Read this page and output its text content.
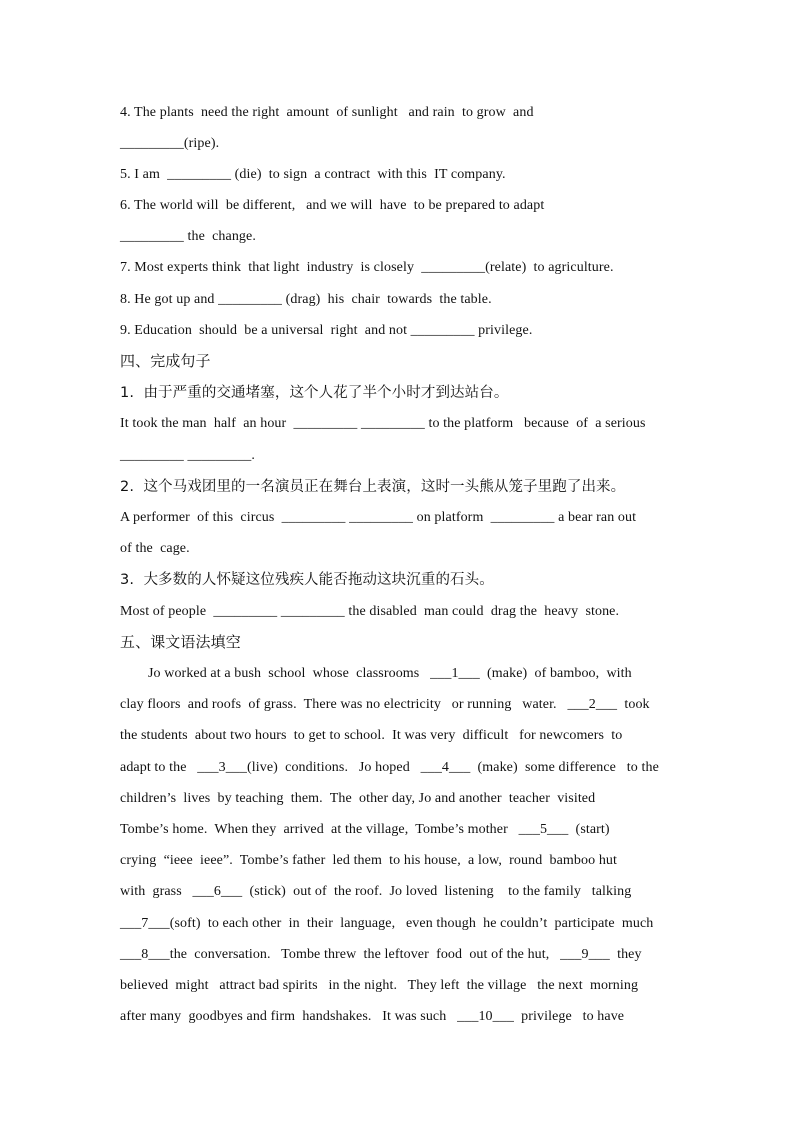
4. The plants  need the right  amount  of sunlight   and rain  to grow  and
_________(ripe).
5. I am  _________ (die)  to sign  a contract  with this  IT company.
6. The world will  be different,   and we will  have  to be prepared to adapt
_________ the  change.
7. Most experts think  that light  industry  is closely  _________(relate)  to agriculture.
8. He got up and _________ (drag)  his  chair  towards  the table.
9. Education  should  be a universal  right  and not _________ privilege.
四、完成句子
1.  由于严重的交通堵塞，这个人花了半个小时才到达站台。
It took the man  half  an hour  _________ _________ to the platform   because  of  a serious
_________ _________.
2.  这个马戏团里的一名演员正在舞台上表演，这时一头熊从笼子里跑了出来。
A performer  of this  circus  _________ _________ on platform  _________ a bear ran out
of the  cage.
3.  大多数的人怀疑这位残疾人能否拖动这块沉重的石头。
Most of people  _________ _________ the disabled  man could  drag the  heavy  stone.
五、课文语法填空
Jo worked at a bush  school  whose  classrooms   ___1___  (make)  of bamboo,  with
clay floors  and roofs  of grass.  There was no electricity   or running   water.   ___2___  took
the students  about two hours  to get to school.  It was very  difficult   for newcomers  to
adapt to the   ___3___(live)  conditions.   Jo hoped   ___4___  (make)  some difference   to the
children’s  lives  by teaching  them.  The  other day, Jo and another  teacher  visited
Tombe’s home.  When they  arrived  at the village,  Tombe’s mother   ___5___  (start)
crying  “ieee  ieee”.  Tombe’s father  led them  to his house,  a low,  round  bamboo hut
with  grass   ___6___  (stick)  out of  the roof.  Jo loved  listening    to the family   talking
___7___(soft)  to each other  in  their  language,   even though  he couldn’t  participate  much
___8___the  conversation.   Tombe threw  the leftover  food  out of the hut,   ___9___  they
believed  might   attract bad spirits   in the night.   They left  the village   the next  morning
after many  goodbyes and firm  handshakes.   It was such   ___10___  privilege   to have
